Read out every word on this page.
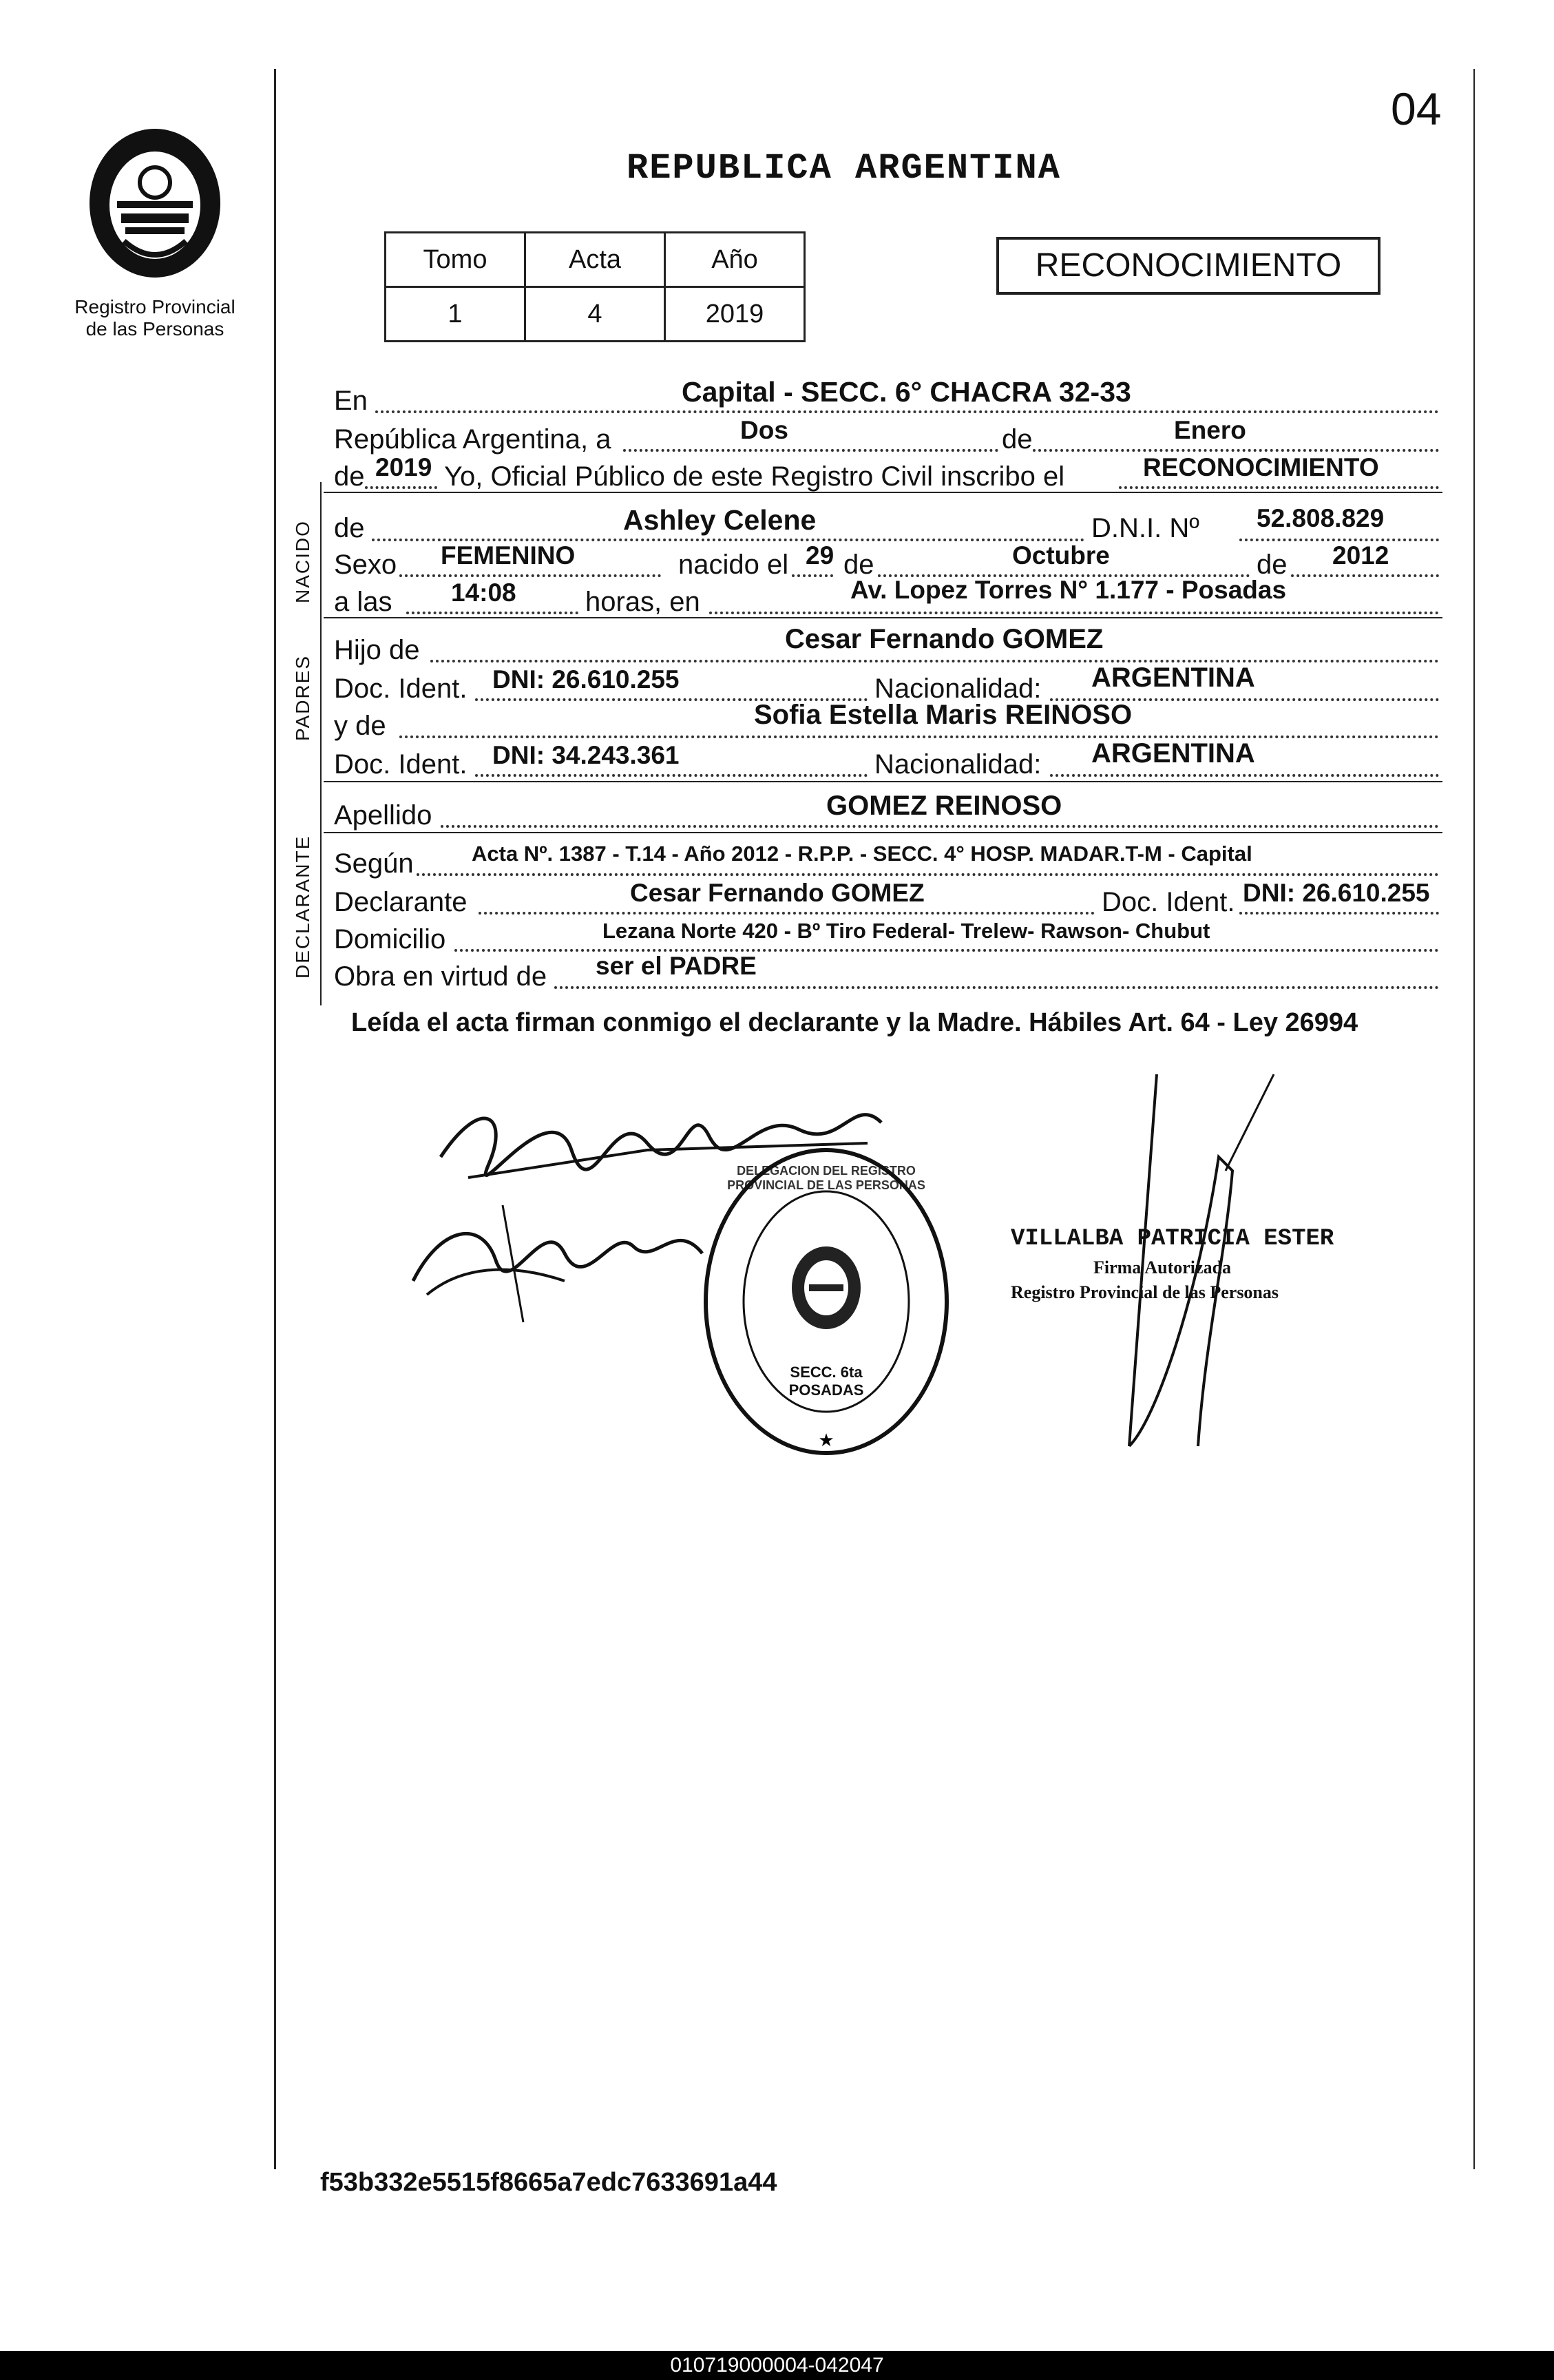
Registro Provincial
de las Personas
04
REPUBLICA ARGENTINA
Tomo	Acta	Año
1	4	2019
RECONOCIMIENTO
NACIDO
PADRES
DECLARANTE
En	Capital - SECC. 6° CHACRA 32-33
República Argentina, a	Dos	de	Enero
de 2019 Yo, Oficial Público de este Registro Civil inscribo el	RECONOCIMIENTO
de	Ashley Celene	D.N.I. Nº 52.808.829
Sexo FEMENINO	nacido el 29 de	Octubre	de 2012
a las 14:08	horas, en	Av. Lopez Torres N° 1.177 - Posadas
Hijo de	Cesar Fernando GOMEZ
Doc. Ident. DNI: 26.610.255	Nacionalidad: ARGENTINA
y de	Sofia Estella Maris REINOSO
Doc. Ident. DNI: 34.243.361	Nacionalidad: ARGENTINA
Apellido	GOMEZ REINOSO
Según	Acta Nº. 1387 - T.14 - Año 2012 - R.P.P. - SECC. 4° HOSP. MADAR.T-M - Capital
Declarante	Cesar Fernando GOMEZ	Doc. Ident. DNI: 26.610.255
Domicilio	Lezana Norte 420 - Bº Tiro Federal- Trelew- Rawson- Chubut
Obra en virtud de ser el PADRE
Leída el acta firman conmigo el declarante y la Madre. Hábiles Art. 64 - Ley 26994
★
DELEGACION DEL REGISTRO PROVINCIAL DE LAS PERSONAS
SECC. 6ta POSADAS
VILLALBA PATRICIA ESTER
Firma Autorizada
Registro Provincial de las Personas
f53b332e5515f8665a7edc7633691a44
010719000004-042047
